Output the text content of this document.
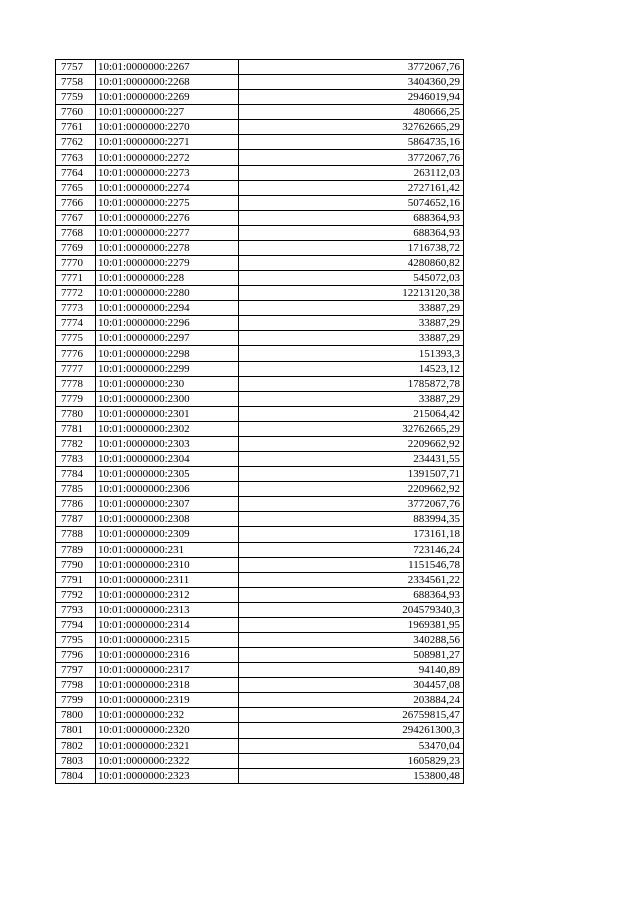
7757	10:01:0000000:2267	3772067,76
7758	10:01:0000000:2268	3404360,29
7759	10:01:0000000:2269	2946019,94
7760	10:01:0000000:227	480666,25
7761	10:01:0000000:2270	32762665,29
7762	10:01:0000000:2271	5864735,16
7763	10:01:0000000:2272	3772067,76
7764	10:01:0000000:2273	263112,03
7765	10:01:0000000:2274	2727161,42
7766	10:01:0000000:2275	5074652,16
7767	10:01:0000000:2276	688364,93
7768	10:01:0000000:2277	688364,93
7769	10:01:0000000:2278	1716738,72
7770	10:01:0000000:2279	4280860,82
7771	10:01:0000000:228	545072,03
7772	10:01:0000000:2280	12213120,38
7773	10:01:0000000:2294	33887,29
7774	10:01:0000000:2296	33887,29
7775	10:01:0000000:2297	33887,29
7776	10:01:0000000:2298	151393,3
7777	10:01:0000000:2299	14523,12
7778	10:01:0000000:230	1785872,78
7779	10:01:0000000:2300	33887,29
7780	10:01:0000000:2301	215064,42
7781	10:01:0000000:2302	32762665,29
7782	10:01:0000000:2303	2209662,92
7783	10:01:0000000:2304	234431,55
7784	10:01:0000000:2305	1391507,71
7785	10:01:0000000:2306	2209662,92
7786	10:01:0000000:2307	3772067,76
7787	10:01:0000000:2308	883994,35
7788	10:01:0000000:2309	173161,18
7789	10:01:0000000:231	723146,24
7790	10:01:0000000:2310	1151546,78
7791	10:01:0000000:2311	2334561,22
7792	10:01:0000000:2312	688364,93
7793	10:01:0000000:2313	204579340,3
7794	10:01:0000000:2314	1969381,95
7795	10:01:0000000:2315	340288,56
7796	10:01:0000000:2316	508981,27
7797	10:01:0000000:2317	94140,89
7798	10:01:0000000:2318	304457,08
7799	10:01:0000000:2319	203884,24
7800	10:01:0000000:232	26759815,47
7801	10:01:0000000:2320	294261300,3
7802	10:01:0000000:2321	53470,04
7803	10:01:0000000:2322	1605829,23
7804	10:01:0000000:2323	153800,48
